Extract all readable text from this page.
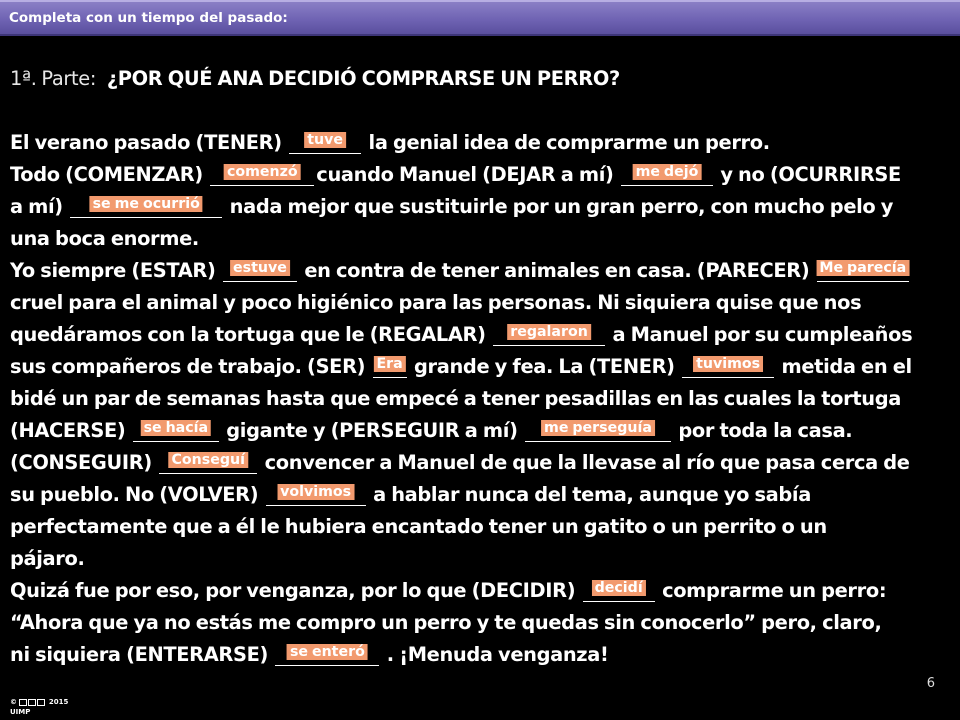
Completa con un tiempo del pasado:
1ª. Parte: ¿POR QUÉ ANA DECIDIÓ COMPRARSE UN PERRO?
El verano pasado (TENER) tuve la genial idea de comprarme un perro.
Todo (COMENZAR) comenzó cuando Manuel (DEJAR a mí) me dejó y no (OCURRIRSE
a mí) se me ocurrió nada mejor que sustituirle por un gran perro, con mucho pelo y
una boca enorme.
Yo siempre (ESTAR) estuve en contra de tener animales en casa. (PARECER) Me parecía
cruel para el animal y poco higiénico para las personas. Ni siquiera quise que nos
quedáramos con la tortuga que le (REGALAR) regalaron a Manuel por su cumpleaños
sus compañeros de trabajo. (SER) Era grande y fea. La (TENER) tuvimos metida en el
bidé un par de semanas hasta que empecé a tener pesadillas en las cuales la tortuga
(HACERSE) se hacía gigante y (PERSEGUIR a mí) me perseguía por toda la casa.
(CONSEGUIR) Conseguí convencer a Manuel de que la llevase al río que pasa cerca de
su pueblo. No (VOLVER) volvimos a hablar nunca del tema, aunque yo sabía
perfectamente que a él le hubiera encantado tener un gatito o un perrito o un
pájaro.
Quizá fue por eso, por venganza, por lo que (DECIDIR) decidí comprarme un perro:
“Ahora que ya no estás me compro un perro y te quedas sin conocerlo” pero, claro,
ni siquiera (ENTERARSE) se enteró . ¡Menuda venganza!
6
©	2015
UIMP
